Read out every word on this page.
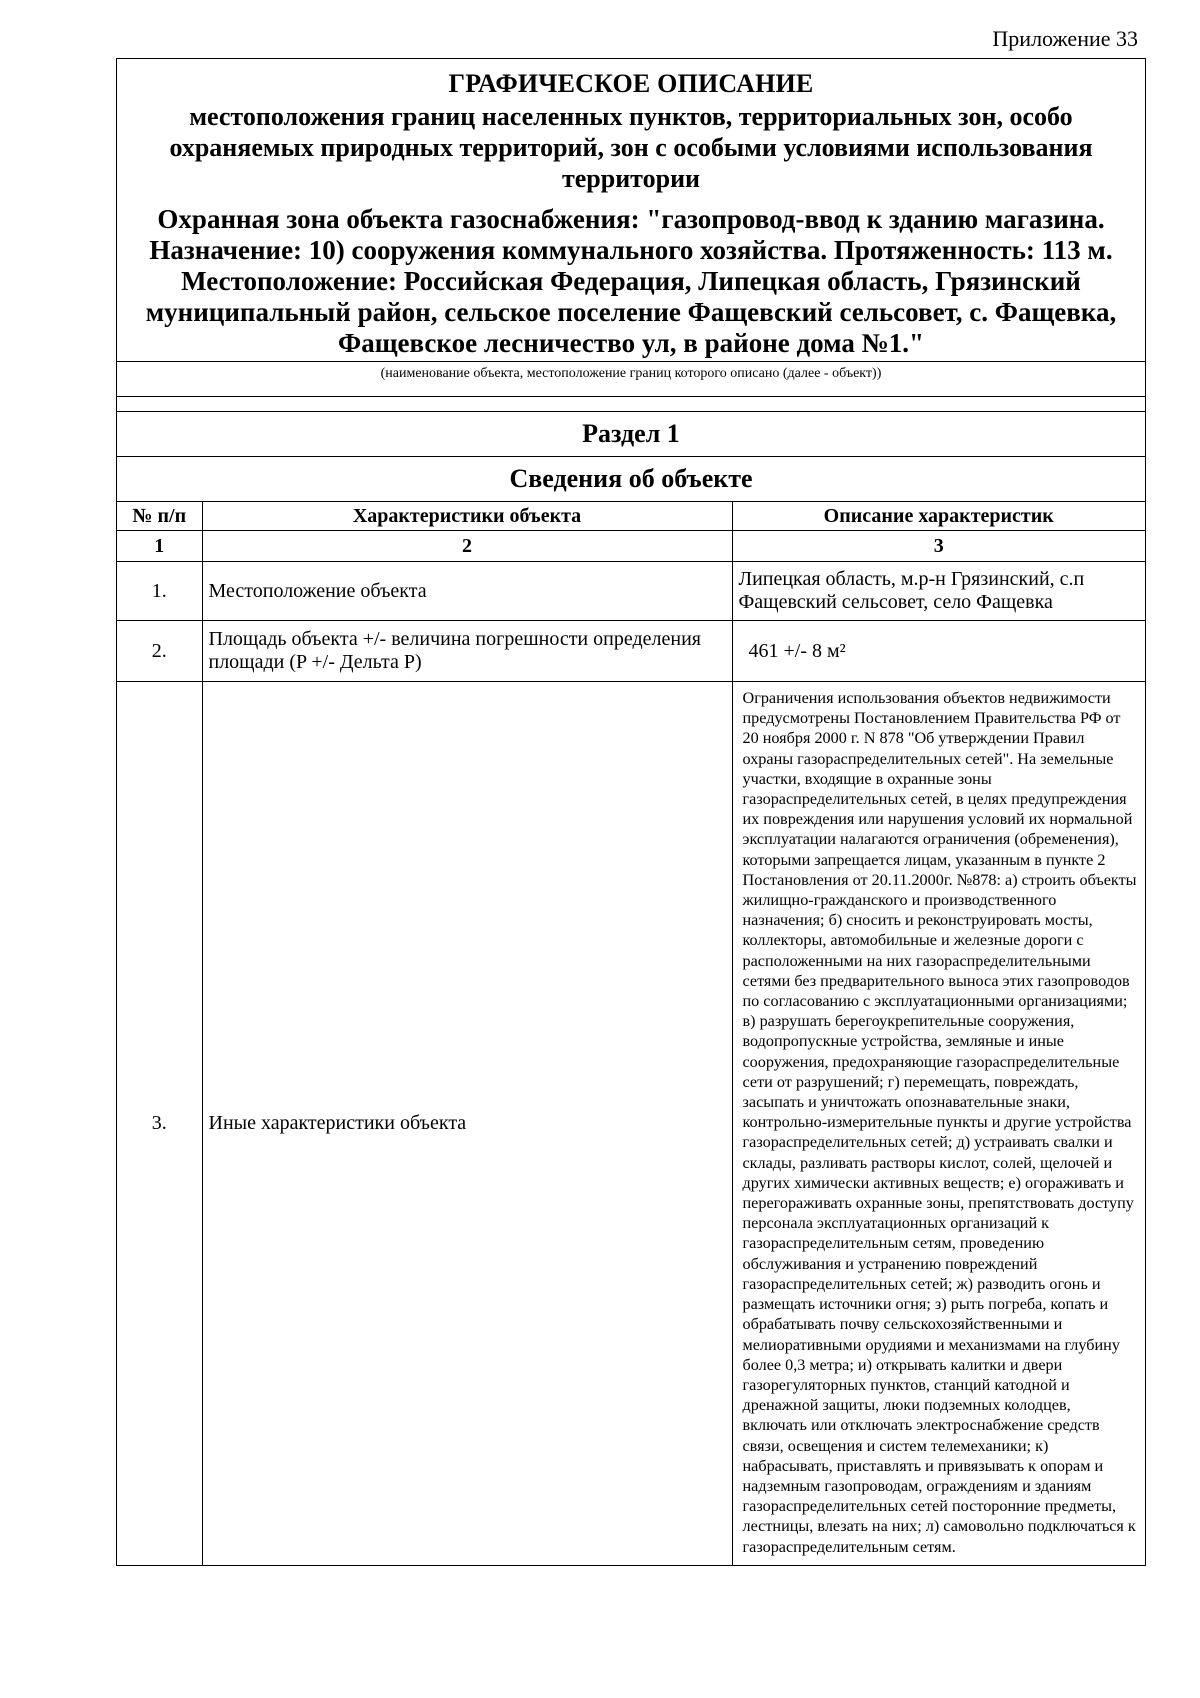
Приложение 33
ГРАФИЧЕСКОЕ ОПИСАНИЕ
местоположения границ населенных пунктов, территориальных зон, особо охраняемых природных территорий, зон с особыми условиями использования территории
Охранная зона объекта газоснабжения: "газопровод-ввод к зданию магазина. Назначение: 10) сооружения коммунального хозяйства. Протяженность: 113 м. Местоположение: Российская Федерация, Липецкая область, Грязинский муниципальный район, сельское поселение Фащевский сельсовет, с. Фащевка, Фащевское лесничество ул, в районе дома №1."
(наименование объекта, местоположение границ которого описано (далее - объект))
Раздел 1
Сведения об объекте
№ п/п	Характеристики объекта	Описание характеристик
1	2	3
1.	Местоположение объекта	Липецкая область, м.р-н Грязинский, с.п Фащевский сельсовет, село Фащевка
2.	Площадь объекта +/- величина погрешности определения площади (P +/- Дельта P)	461 +/- 8 м²
3.	Иные характеристики объекта	Ограничения использования объектов недвижимости предусмотрены Постановлением Правительства РФ от 20 ноября 2000 г. N 878 "Об утверждении Правил охраны газораспределительных сетей". На земельные участки, входящие в охранные зоны газораспределительных сетей, в целях предупреждения их повреждения или нарушения условий их нормальной эксплуатации налагаются ограничения (обременения), которыми запрещается лицам, указанным в пункте 2 Постановления от 20.11.2000г. №878: а) строить объекты жилищно-гражданского и производственного назначения; б) сносить и реконструировать мосты, коллекторы, автомобильные и железные дороги с расположенными на них газораспределительными сетями без предварительного выноса этих газопроводов по согласованию с эксплуатационными организациями; в) разрушать берегоукрепительные сооружения, водопропускные устройства, земляные и иные сооружения, предохраняющие газораспределительные сети от разрушений; г) перемещать, повреждать, засыпать и уничтожать опознавательные знаки, контрольно-измерительные пункты и другие устройства газораспределительных сетей; д) устраивать свалки и склады, разливать растворы кислот, солей, щелочей и других химически активных веществ; е) огораживать и перегораживать охранные зоны, препятствовать доступу персонала эксплуатационных организаций к газораспределительным сетям, проведению обслуживания и устранению повреждений газораспределительных сетей; ж) разводить огонь и размещать источники огня; з) рыть погреба, копать и обрабатывать почву сельскохозяйственными и мелиоративными орудиями и механизмами на глубину более 0,3 метра; и) открывать калитки и двери газорегуляторных пунктов, станций катодной и дренажной защиты, люки подземных колодцев, включать или отключать электроснабжение средств связи, освещения и систем телемеханики; к) набрасывать, приставлять и привязывать к опорам и надземным газопроводам, ограждениям и зданиям газораспределительных сетей посторонние предметы, лестницы, влезать на них; л) самовольно подключаться к газораспределительным сетям.
